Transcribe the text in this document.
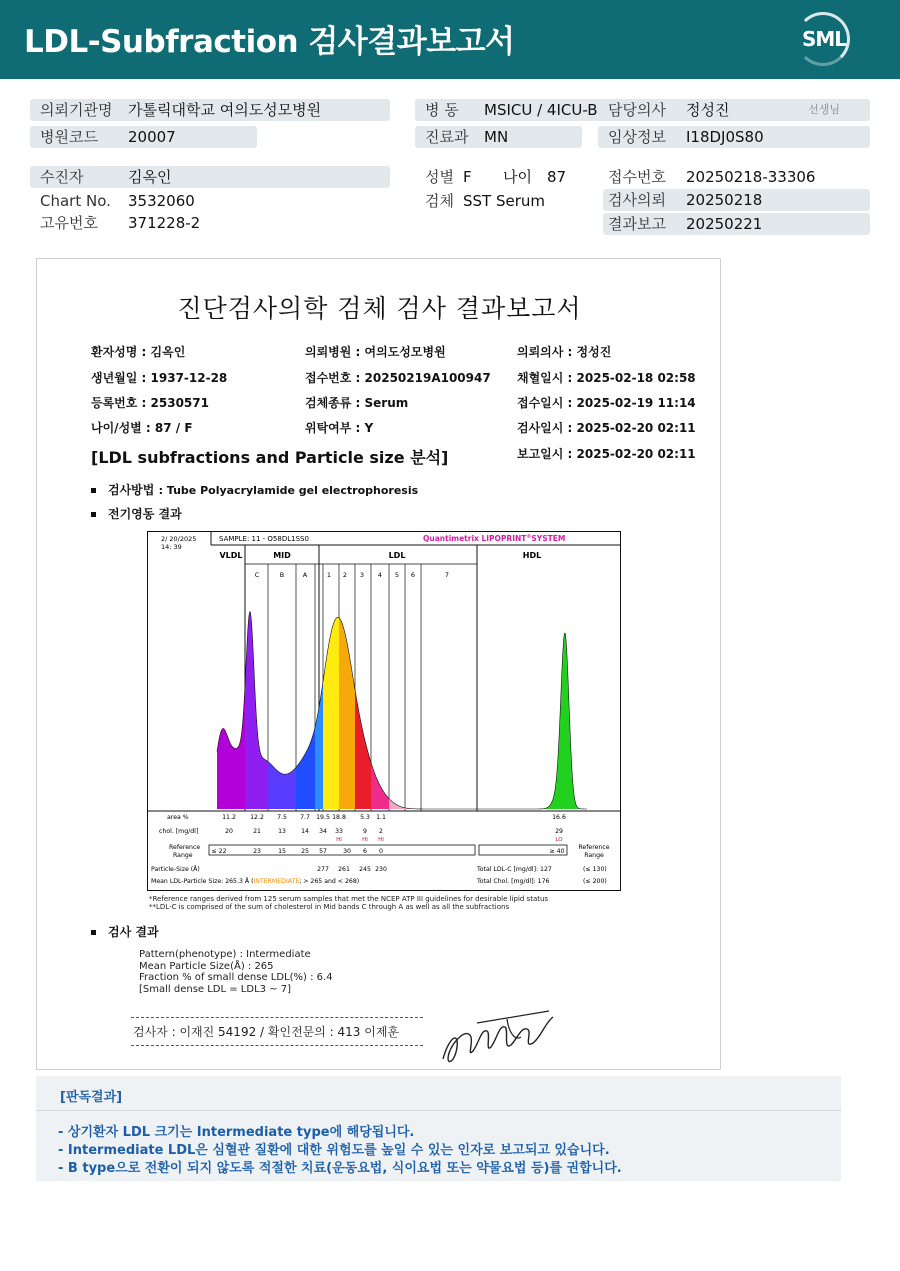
LDL-Subfraction 검사결과보고서	SML
의뢰기관명 가톨릭대학교 여의도성모병원	병 동 MSICU / 4ICU-B 담당의사 정성진	선생님
병원코드 20007	진료과 MN	임상정보 I18DJ0S80
수진자	김옥인	성별 F 나이 87	접수번호 20250218-33306
Chart No. 3532060	검체 SST Serum	검사의뢰 20250218
고유번호 371228-2	결과보고 20250221
진단검사의학 검체 검사 결과보고서
환자성명 : 김옥인	의뢰병원 : 여의도성모병원	의뢰의사 : 정성진
생년월일 : 1937-12-28	접수번호 : 20250219A100947 채혈일시 : 2025-02-18 02:58
등록번호 : 2530571	검체종류 : Serum	접수일시 : 2025-02-19 11:14
나이/성별 : 87 / F	위탁여부 : Y	검사일시 : 2025-02-20 02:11
[LDL subfractions and Particle size 분석]	보고일시 : 2025-02-20 02:11
검사방법 : Tube Polyacrylamide gel electrophoresis
전기영동 결과
2/ 20/2025
14: 39
SAMPLE: 11 - O58DL1SS0	Quantimetrix LIPOPRINT®SYSTEM
VLDL	MID	LDL	HDL
C	B	A	1 2 3 4 5 6	7
area %	11.2 12.2 7.5 7.7 19.5 18.8 5.3 1.1	16.6
chol. [mg/dl]	20	21	13 14 34 33	9 2	29
HI	HI HI	LO
Reference
Range
≤ 22	23	15 25 57	30 6 0	≥ 40
Reference
Range
Particle-Size (Å)	277 261 245 230	Total LDL-C [mg/dl]: 127	(≤ 130)
Mean LDL-Particle Size: 265.3 Å (INTERMEDIATE; > 265 and < 268)	Total Chol. [mg/dl]: 176	(≤ 200)
*Reference ranges derived from 125 serum samples that met the NCEP ATP III guidelines for desirable lipid status
**LDL-C is comprised of the sum of cholesterol in Mid bands C through A as well as all the subfractions
검사 결과
Pattern(phenotype) : Intermediate
Mean Particle Size(Å) : 265
Fraction % of small dense LDL(%) : 6.4
[Small dense LDL = LDL3 ~ 7]
검사자 : 이재진 54192 / 확인전문의 : 413 이제훈
[판독결과]
- 상기환자 LDL 크기는 Intermediate type에 해당됩니다.
- Intermediate LDL은 심혈관 질환에 대한 위험도를 높일 수 있는 인자로 보고되고 있습니다.
- B type으로 전환이 되지 않도록 적절한 치료(운동요법, 식이요법 또는 약물요법 등)를 권합니다.
